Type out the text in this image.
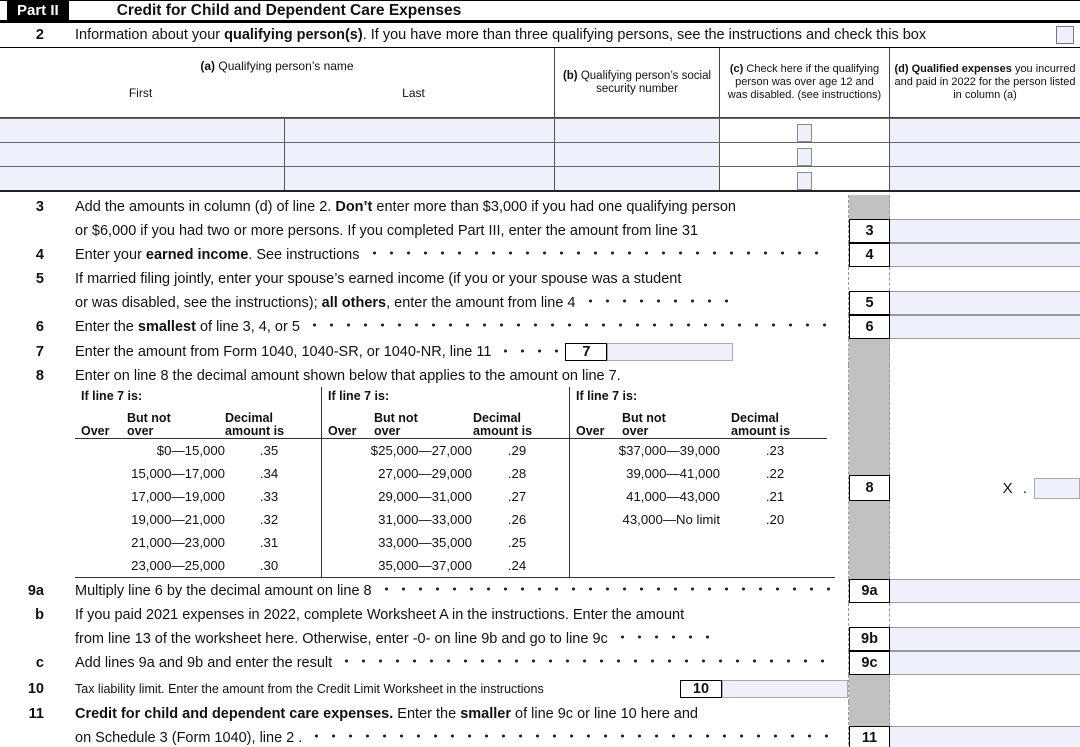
Part II	Credit for Child and Dependent Care Expenses
2 Information about your qualifying person(s). If you have more than three qualifying persons, see the instructions and check this box
(a) Qualifying person’s name
First	Last
(b) Qualifying person’s social security number
(c) Check here if the qualifying person was over age 12 and was disabled. (see instructions)
(d) Qualified expenses you incurred and paid in 2022 for the person listed in column (a)
3 Add the amounts in column (d) of line 2. Don’t enter more than $3,000 if you had one qualifying person
or $6,000 if you had two or more persons. If you completed Part III, enter the amount from line 31	3
4 Enter your earned income. See instructions	4
5 If married filing jointly, enter your spouse’s earned income (if you or your spouse was a student
or was disabled, see the instructions); all others, enter the amount from line 4	5
6 Enter the smallest of line 3, 4, or 5	6
7 Enter the amount from Form 1040, 1040-SR, or 1040-NR, line 11	7
8 Enter on line 8 the decimal amount shown below that applies to the amount on line 7.
If line 7 is:
Over
But not over
Decimal amount is
$0—15,000	.35
15,000—17,000	.34
17,000—19,000	.33
19,000—21,000	.32
21,000—23,000	.31
23,000—25,000	.30
If line 7 is:
Over
But not over
Decimal amount is
$25,000—27,000	.29
27,000—29,000	.28
29,000—31,000	.27
31,000—33,000	.26
33,000—35,000	.25
35,000—37,000	.24
If line 7 is:
Over
But not over
Decimal amount is
$37,000—39,000	.23
39,000—41,000	.22
41,000—43,000	.21
43,000—No limit	.20
8	X .
9a Multiply line 6 by the decimal amount on line 8	9a
b If you paid 2021 expenses in 2022, complete Worksheet A in the instructions. Enter the amount
from line 13 of the worksheet here. Otherwise, enter -0- on line 9b and go to line 9c	9b
c Add lines 9a and 9b and enter the result	9c
10 Tax liability limit. Enter the amount from the Credit Limit Worksheet in the instructions	10
11 Credit for child and dependent care expenses. Enter the smaller of line 9c or line 10 here and
on Schedule 3 (Form 1040), line 2 .	11
